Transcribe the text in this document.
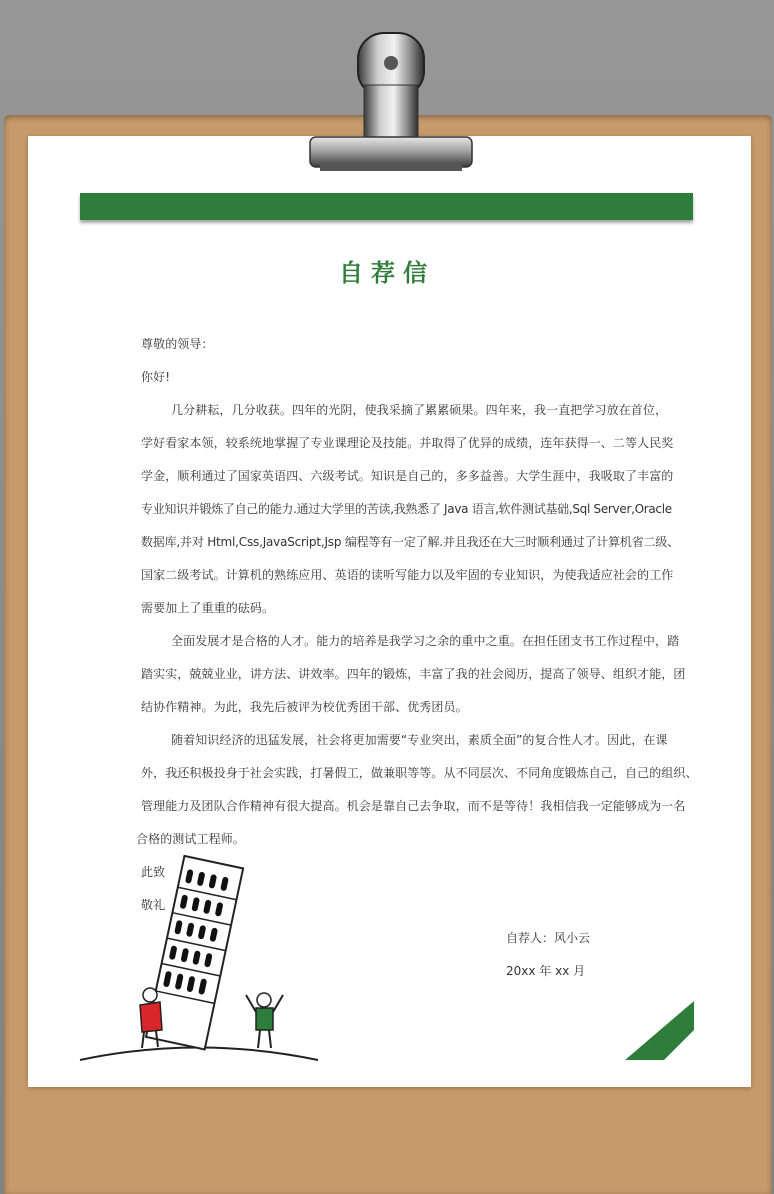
自荐信
尊敬的领导：
你好!
几分耕耘，几分收获。四年的光阴，使我采摘了累累硕果。四年来，我一直把学习放在首位，
学好看家本领，较系统地掌握了专业课理论及技能。并取得了优异的成绩，连年获得一、二等人民奖
学金，顺利通过了国家英语四、六级考试。知识是自己的，多多益善。大学生涯中，我吸取了丰富的
专业知识并锻炼了自己的能力.通过大学里的苦读,我熟悉了 Java 语言,软件测试基础,Sql Server,Oracle
数据库,并对 Html,Css,JavaScript,Jsp 编程等有一定了解.并且我还在大三时顺利通过了计算机省二级、
国家二级考试。计算机的熟练应用、英语的读听写能力以及牢固的专业知识，为使我适应社会的工作
需要加上了重重的砝码。
全面发展才是合格的人才。能力的培养是我学习之余的重中之重。在担任团支书工作过程中，踏
踏实实，兢兢业业，讲方法、讲效率。四年的锻炼，丰富了我的社会阅历，提高了领导、组织才能，团
结协作精神。为此，我先后被评为校优秀团干部、优秀团员。
随着知识经济的迅猛发展，社会将更加需要“专业突出，素质全面”的复合性人才。因此，在课
外，我还积极投身于社会实践，打暑假工，做兼职等等。从不同层次、不同角度锻炼自己，自己的组织、
管理能力及团队合作精神有很大提高。机会是靠自己去争取，而不是等待！我相信我一定能够成为一名
合格的测试工程师。
此致
敬礼
自荐人：风小云
20xx 年 xx 月
